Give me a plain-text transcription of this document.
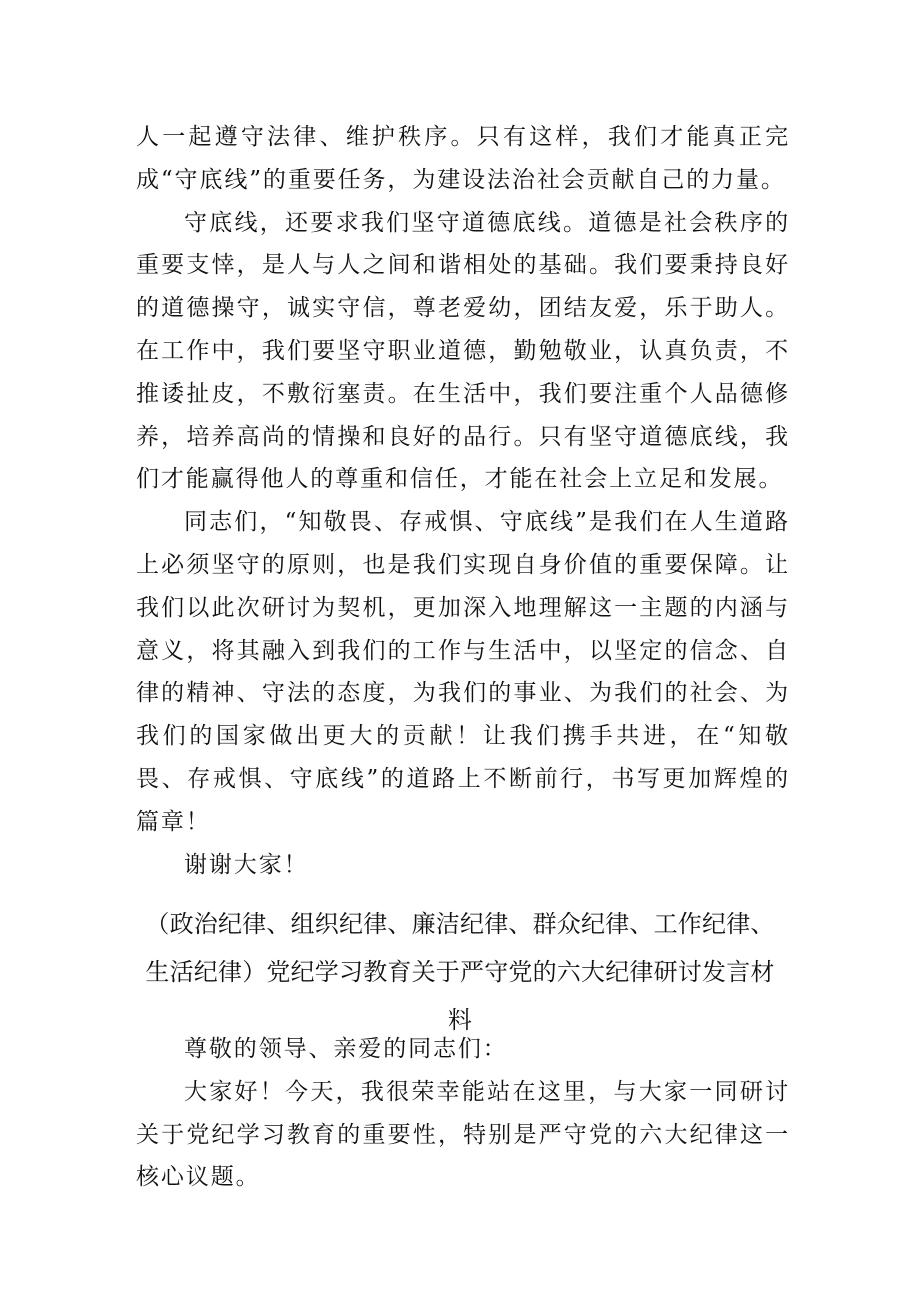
人一起遵守法律、维护秩序。只有这样，我们才能真正完成“守底线”的重要任务，为建设法治社会贡献自己的力量。

守底线，还要求我们坚守道德底线。道德是社会秩序的重要支悻，是人与人之间和谐相处的基础。我们要秉持良好的道德操守，诚实守信，尊老爱幼，团结友爱，乐于助人。在工作中，我们要坚守职业道德，勤勉敬业，认真负责，不推诿扯皮，不敷衍塞责。在生活中，我们要注重个人品德修养，培养高尚的情操和良好的品行。只有坚守道德底线，我们才能赢得他人的尊重和信任，才能在社会上立足和发展。

同志们，“知敬畏、存戒惧、守底线”是我们在人生道路上必须坚守的原则，也是我们实现自身价值的重要保障。让我们以此次研讨为契机，更加深入地理解这一主题的内涵与意义，将其融入到我们的工作与生活中，以坚定的信念、自律的精神、守法的态度，为我们的事业、为我们的社会、为我们的国家做出更大的贡献！让我们携手共进，在“知敬畏、存戒惧、守底线”的道路上不断前行，书写更加辉煌的篇章！

谢谢大家！

（政治纪律、组织纪律、廉洁纪律、群众纪律、工作纪律、
生活纪律）党纪学习教育关于严守党的六大纪律研讨发言材
料

尊敬的领导、亲爱的同志们：

大家好！今天，我很荣幸能站在这里，与大家一同研讨关于党纪学习教育的重要性，特别是严守党的六大纪律这一核心议题。
